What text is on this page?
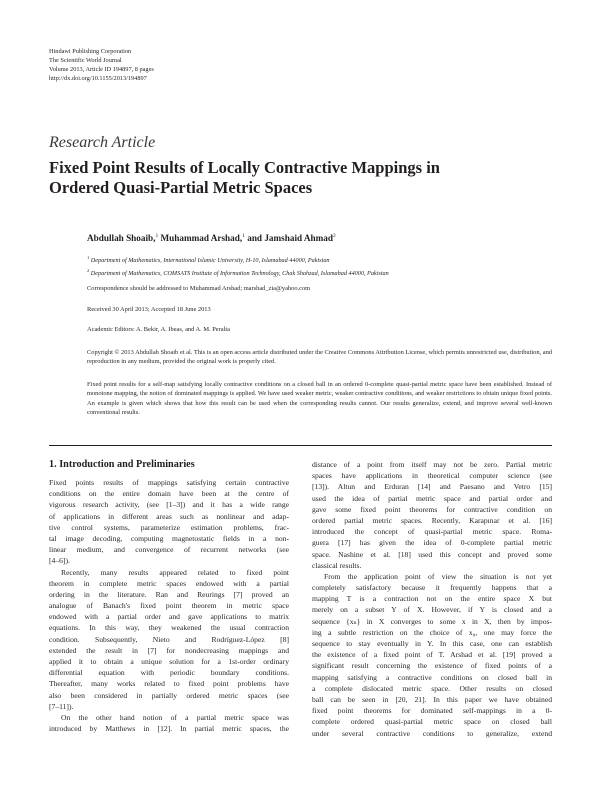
Hindawi Publishing Corporation
The Scientific World Journal
Volume 2013, Article ID 194897, 8 pages
http://dx.doi.org/10.1155/2013/194897
Research Article
Fixed Point Results of Locally Contractive Mappings in Ordered Quasi-Partial Metric Spaces
Abdullah Shoaib,$^1$ Muhammad Arshad,$^1$ and Jamshaid Ahmad$^2$
$^1$ Department of Mathematics, International Islamic University, H-10, Islamabad 44000, Pakistan
$^2$ Department of Mathematics, COMSATS Institute of Information Technology, Chak Shahzad, Islamabad 44000, Pakistan
Correspondence should be addressed to Muhammad Arshad; marshad_zia@yahoo.com
Received 30 April 2013; Accepted 18 June 2013
Academic Editors: A. Bekir, A. Ibeas, and A. M. Peralta
Copyright © 2013 Abdullah Shoaib et al. This is an open access article distributed under the Creative Commons Attribution License, which permits unrestricted use, distribution, and reproduction in any medium, provided the original work is properly cited.
Fixed point results for a self-map satisfying locally contractive conditions on a closed ball in an ordered 0-complete quasi-partial metric space have been established. Instead of monotone mapping, the notion of dominated mappings is applied. We have used weaker metric, weaker contractive conditions, and weaker restrictions to obtain unique fixed points. An example is given which shows that how this result can be used when the corresponding results cannot. Our results generalize, extend, and improve several well-known conventional results.
1. Introduction and Preliminaries
Fixed points results of mappings satisfying certain contractive
conditions on the entire domain have been at the centre of
vigorous research activity, (see [1–3]) and it has a wide range
of applications in different areas such as nonlinear and adap-
tive control systems, parameterize estimation problems, frac-
tal image decoding, computing magnetostatic fields in a non-
linear medium, and convergence of recurrent networks (see
[4–6]).
Recently, many results appeared related to fixed point
theorem in complete metric spaces endowed with a partial
ordering in the literature. Ran and Reurings [7] proved an
analogue of Banach's fixed point theorem in metric space
endowed with a partial order and gave applications to matrix
equations. In this way, they weakened the usual contraction
condition. Subsequently, Nieto and Rodríguez-López [8]
extended the result in [7] for nondecreasing mappings and
applied it to obtain a unique solution for a 1st-order ordinary
differential equation with periodic boundary conditions.
Thereafter, many works related to fixed point problems have
also been considered in partially ordered metric spaces (see
[7–11]).
On the other hand notion of a partial metric space was
introduced by Matthews in [12]. In partial metric spaces, the
distance of a point from itself may not be zero. Partial metric
spaces have applications in theoretical computer science (see
[13]). Altun and Erduran [14] and Paesano and Vetro [15]
used the idea of partial metric space and partial order and
gave some fixed point theorems for contractive condition on
ordered partial metric spaces. Recently, Karapınar et al. [16]
introduced the concept of quasi-partial metric space. Roma-
guera [17] has given the idea of 0-complete partial metric
space. Nashine et al. [18] used this concept and proved some
classical results.
From the application point of view the situation is not yet
completely satisfactory because it frequently happens that a
mapping T is a contraction not on the entire space X but
merely on a subset Y of X. However, if Y is closed and a
sequence {xₙ} in X converges to some x in X, then by impos-
ing a subtle restriction on the choice of x₀, one may force the
sequence to stay eventually in Y. In this case, one can establish
the existence of a fixed point of T. Arshad et al. [19] proved a
significant result concerning the existence of fixed points of a
mapping satisfying a contractive conditions on closed ball in
a complete dislocated metric space. Other results on closed
ball can be seen in [20, 21]. In this paper we have obtained
fixed point theorems for dominated self-mappings in a 0-
complete ordered quasi-partial metric space on closed ball
under several contractive conditions to generalize, extend
